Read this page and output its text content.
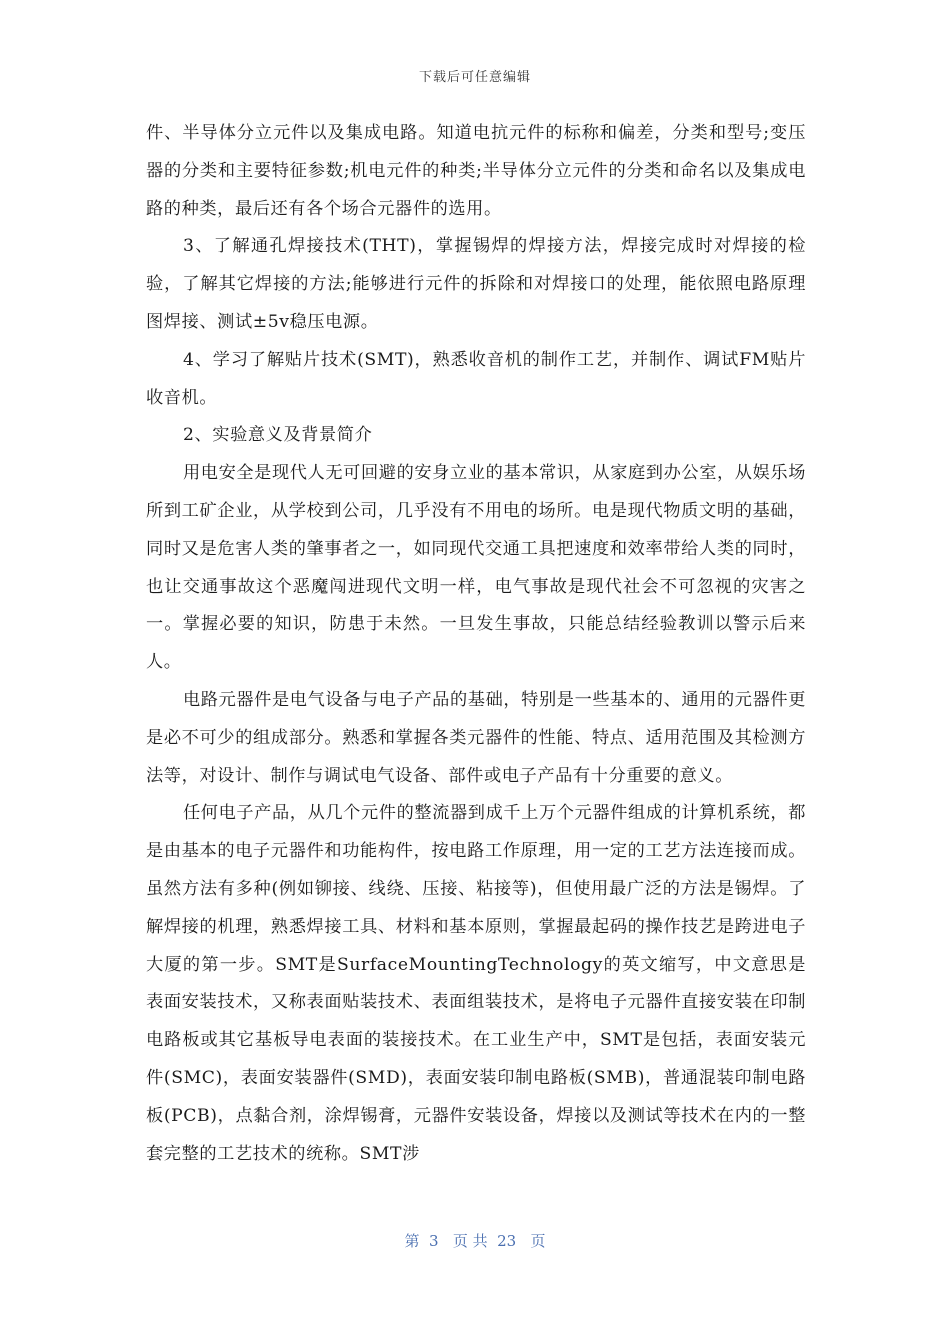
下载后可任意编辑

件、半导体分立元件以及集成电路。知道电抗元件的标称和偏差，分类和型号;变压器的分类和主要特征参数;机电元件的种类;半导体分立元件的分类和命名以及集成电路的种类，最后还有各个场合元器件的选用。

3、了解通孔焊接技术(THT)，掌握锡焊的焊接方法，焊接完成时对焊接的检验，了解其它焊接的方法;能够进行元件的拆除和对焊接口的处理，能依照电路原理图焊接、测试±5v稳压电源。

4、学习了解贴片技术(SMT)，熟悉收音机的制作工艺，并制作、调试FM贴片收音机。

2、实验意义及背景简介

用电安全是现代人无可回避的安身立业的基本常识，从家庭到办公室，从娱乐场所到工矿企业，从学校到公司，几乎没有不用电的场所。电是现代物质文明的基础，同时又是危害人类的肇事者之一，如同现代交通工具把速度和效率带给人类的同时，也让交通事故这个恶魔闯进现代文明一样，电气事故是现代社会不可忽视的灾害之一。掌握必要的知识，防患于未然。一旦发生事故，只能总结经验教训以警示后来人。

电路元器件是电气设备与电子产品的基础，特别是一些基本的、通用的元器件更是必不可少的组成部分。熟悉和掌握各类元器件的性能、特点、适用范围及其检测方法等，对设计、制作与调试电气设备、部件或电子产品有十分重要的意义。

任何电子产品，从几个元件的整流器到成千上万个元器件组成的计算机系统，都是由基本的电子元器件和功能构件，按电路工作原理，用一定的工艺方法连接而成。虽然方法有多种(例如铆接、线绕、压接、粘接等)，但使用最广泛的方法是锡焊。了解焊接的机理，熟悉焊接工具、材料和基本原则，掌握最起码的操作技艺是跨进电子大厦的第一步。SMT是SurfaceMountingTechnology的英文缩写，中文意思是表面安装技术，又称表面贴装技术、表面组装技术，是将电子元器件直接安装在印制电路板或其它基板导电表面的装接技术。在工业生产中，SMT是包括，表面安装元件(SMC)，表面安装器件(SMD)，表面安装印制电路板(SMB)，普通混装印制电路板(PCB)，点黏合剂，涂焊锡膏，元器件安装设备，焊接以及测试等技术在内的一整套完整的工艺技术的统称。SMT涉

第  3   页 共  23   页
